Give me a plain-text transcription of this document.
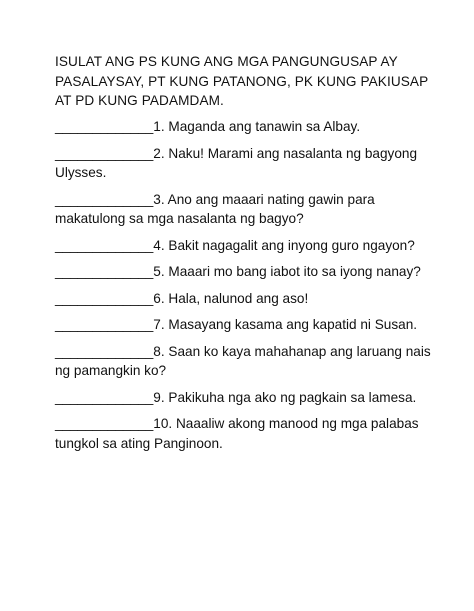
ISULAT ANG PS KUNG ANG MGA PANGUNGUSAP AY PASALAYSAY, PT KUNG PATANONG, PK KUNG PAKIUSAP AT PD KUNG PADAMDAM.

_____________1. Maganda ang tanawin sa Albay.

_____________2. Naku! Marami ang nasalanta ng bagyong Ulysses.

_____________3. Ano ang maaari nating gawin para makatulong sa mga nasalanta ng bagyo?

_____________4. Bakit nagagalit ang inyong guro ngayon?

_____________5. Maaari mo bang iabot ito sa iyong nanay?

_____________6. Hala, nalunod ang aso!

_____________7. Masayang kasama ang kapatid ni Susan.

_____________8. Saan ko kaya mahahanap ang laruang nais ng pamangkin ko?

_____________9. Pakikuha nga ako ng pagkain sa lamesa.

_____________10. Naaaliw akong manood ng mga palabas tungkol sa ating Panginoon.
